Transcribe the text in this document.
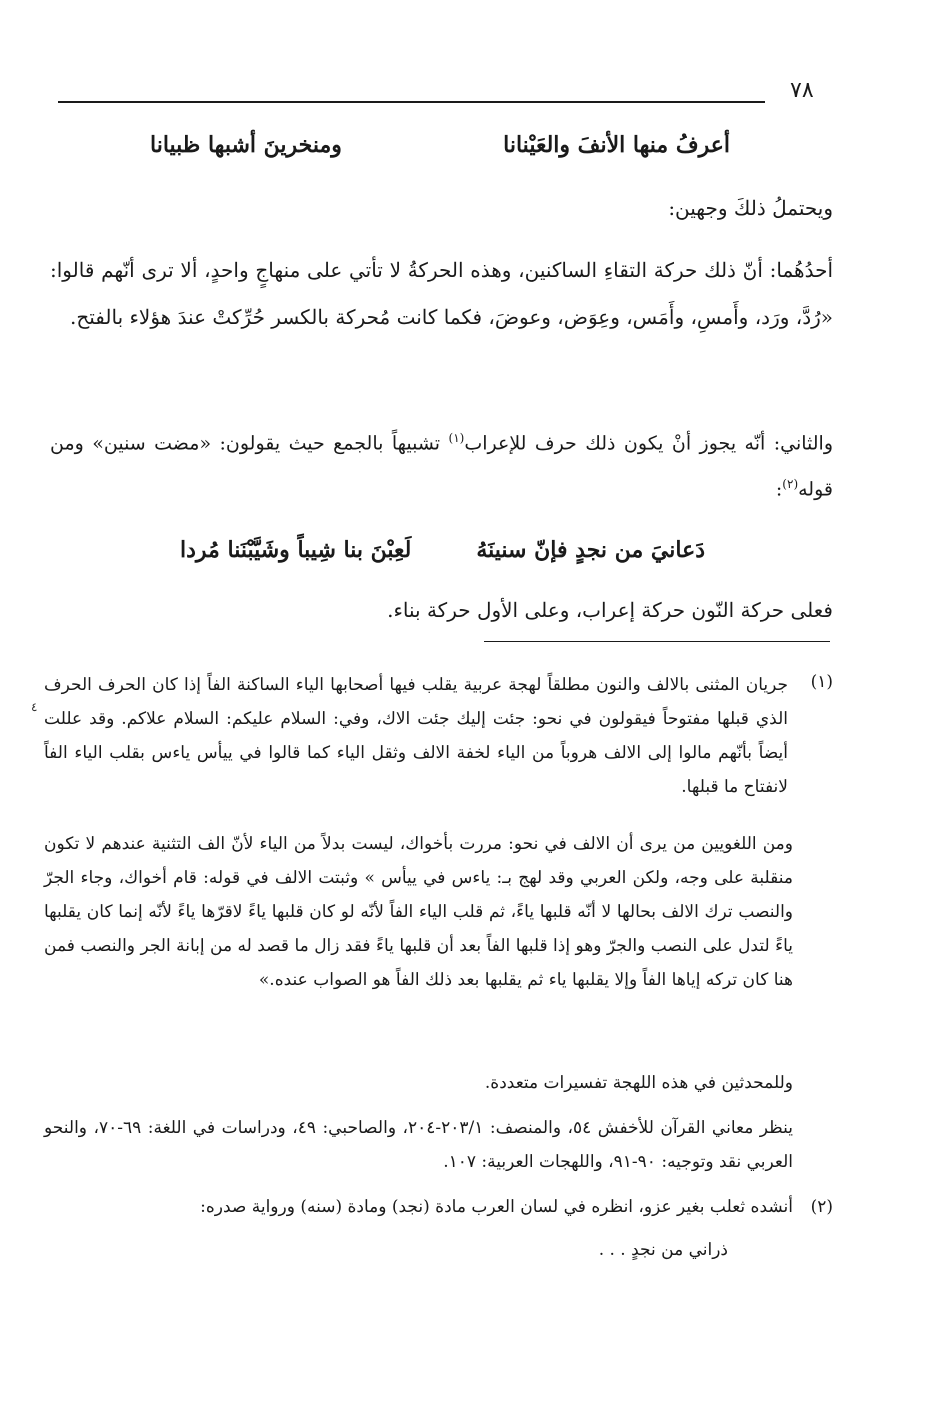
٧٨
أعرفُ منها الأنفَ والعَيْنانا
ومنخرينَ أشبها ظبيانا
ويحتملُ ذلكَ وجهين:
أحدُهُما: أنّ ذلك حركة التقاءِ الساكنين، وهذه الحركةُ لا تأتي على منهاجٍ واحدٍ، ألا ترى أنّهم قالوا: «رُدَّ، ورَد، وأَمسِ، وأَمَس، وعِوَض، وعوضَ، فكما كانت مُحركة بالكسر حُرِّكتْ عندَ هؤلاء بالفتح.
والثاني: أنّه يجوز أنْ يكون ذلك حرف للإعراب$^{(١)}$ تشبيهاً بالجمع حيث يقولون: «مضت سنين» ومن قوله$^{(٢)}$:
دَعانيَ من نجدٍ فإنّ سنينَهُ
لَعِبْنَ بنا شِيباً وشَيَّبْنَنا مُردا
فعلى حركة النّون حركة إعراب، وعلى الأول حركة بناء.
٤
(١)
جريان المثنى بالالف والنون مطلقاً لهجة عربية يقلب فيها أصحابها الياء الساكنة الفاً إذا كان الحرف الحرف الذي قبلها مفتوحاً فيقولون في نحو: جئت إليك جئت الاك، وفي: السلام عليكم: السلام علاكم. وقد عللت أيضاً بأنّهم مالوا إلى الالف هروباً من الياء لخفة الالف وثقل الياء كما قالوا في ييأس ياءس بقلب الياء الفاً لانفتاح ما قبلها.
ومن اللغويين من يرى أن الالف في نحو: مررت بأخواك، ليست بدلاً من الياء لأنّ الف التثنية عندهم لا تكون منقلبة على وجه، ولكن العربي وقد لهج بـ: ياءس في ييأس » وثبتت الالف في قوله: قام أخواك، وجاء الجرّ والنصب ترك الالف بحالها لا أنّه قلبها ياءً، ثم قلب الياء الفاً لأنّه لو كان قلبها ياءً لاقرّها ياءً لأنّه إنما كان يقلبها ياءً لتدل على النصب والجرّ وهو إذا قلبها الفاً بعد أن قلبها ياءً فقد زال ما قصد له من إبانة الجر والنصب فمن هنا كان تركه إياها الفاً وإلا يقلبها ياء ثم يقلبها بعد ذلك الفاً هو الصواب عنده.»
وللمحدثين في هذه اللهجة تفسيرات متعددة.
ينظر معاني القرآن للأخفش ٥٤، والمنصف: ٢٠٣/١-٢٠٤، والصاحبي: ٤٩، ودراسات في اللغة: ٦٩-٧٠، والنحو العربي نقد وتوجيه: ٩٠-٩١، واللهجات العربية: ١٠٧.
(٢)
أنشده ثعلب بغير عزو، انظره في لسان العرب مادة (نجد) ومادة (سنه) ورواية صدره:
ذراني من نجدٍ . . .
